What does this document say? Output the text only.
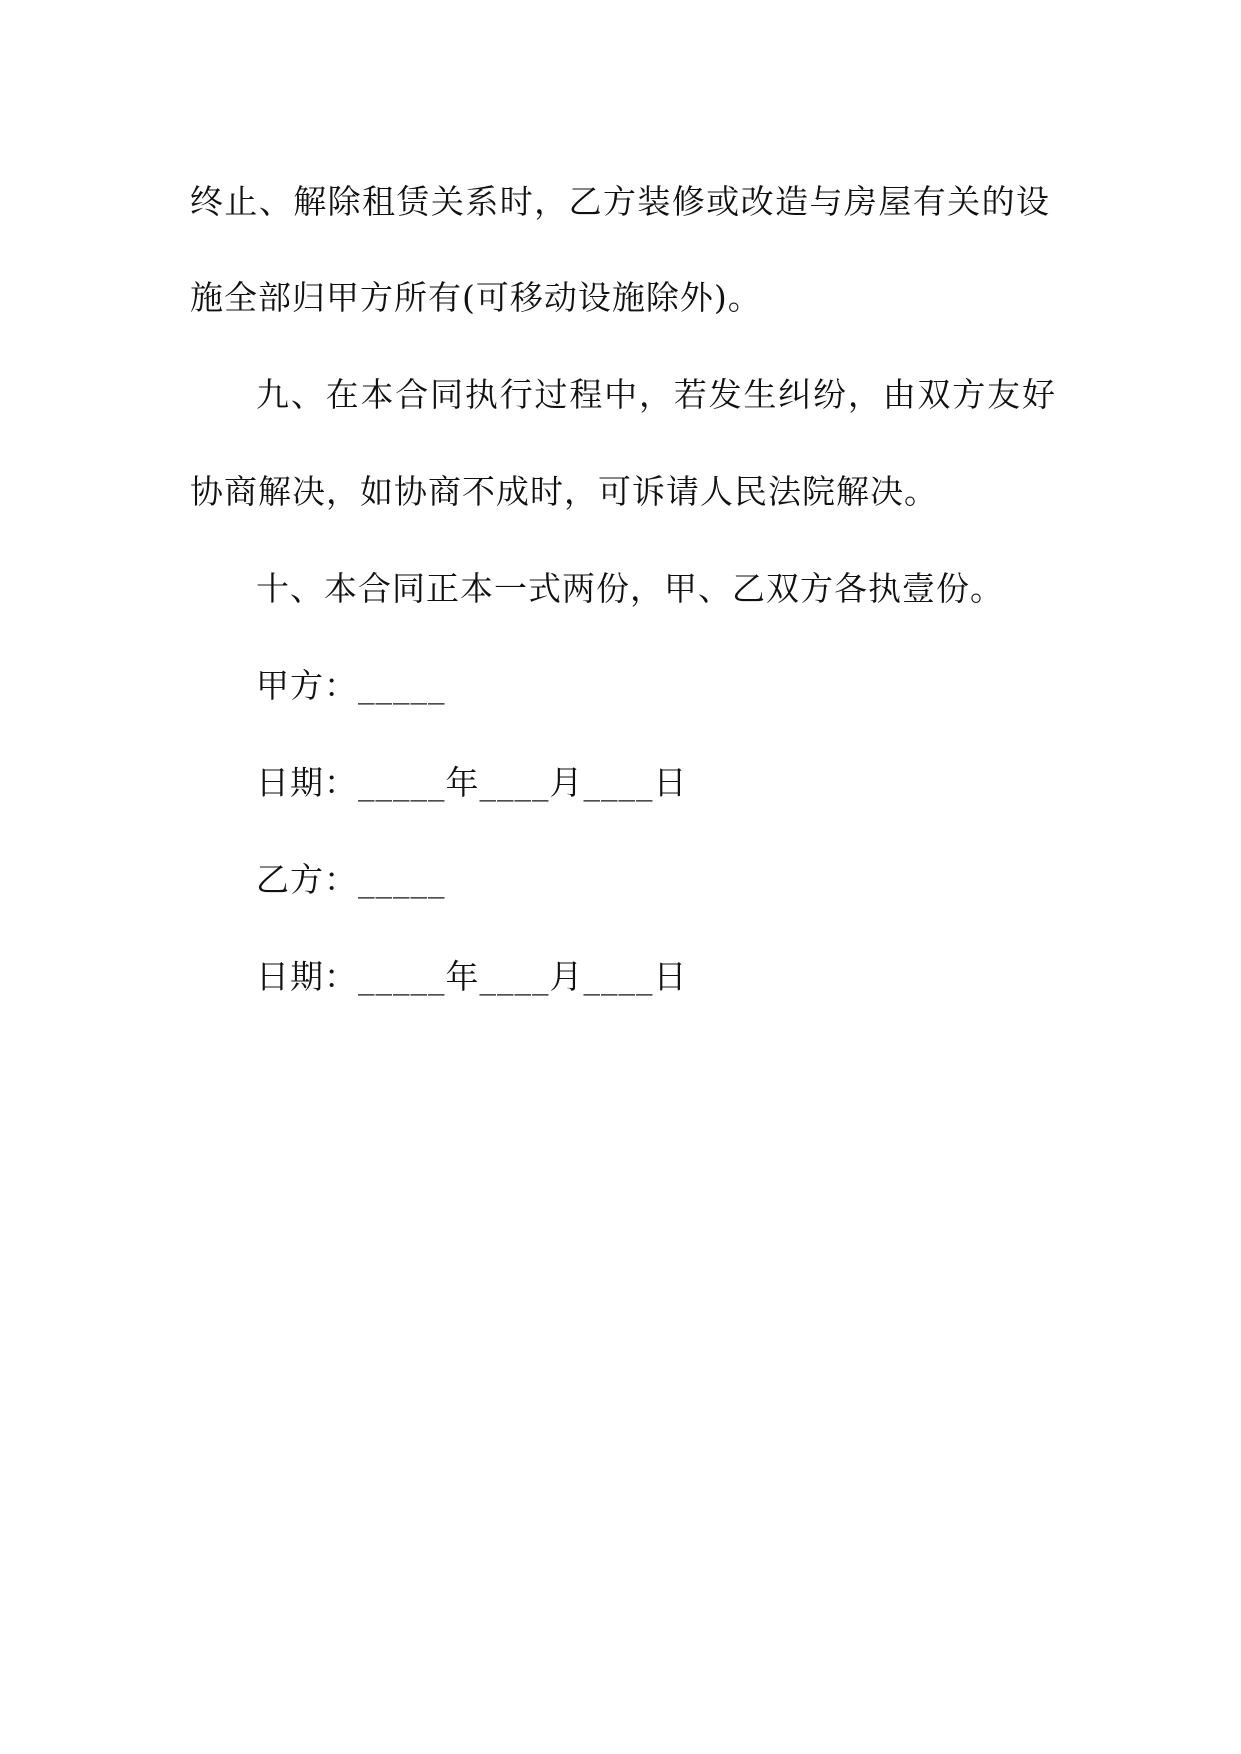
终止、解除租赁关系时，乙方装修或改造与房屋有关的设
施全部归甲方所有(可移动设施除外)。
九、在本合同执行过程中，若发生纠纷，由双方友好
协商解决，如协商不成时，可诉请人民法院解决。
十、本合同正本一式两份，甲、乙双方各执壹份。
甲方：_____
日期：_____年____月____日
乙方：_____
日期：_____年____月____日
